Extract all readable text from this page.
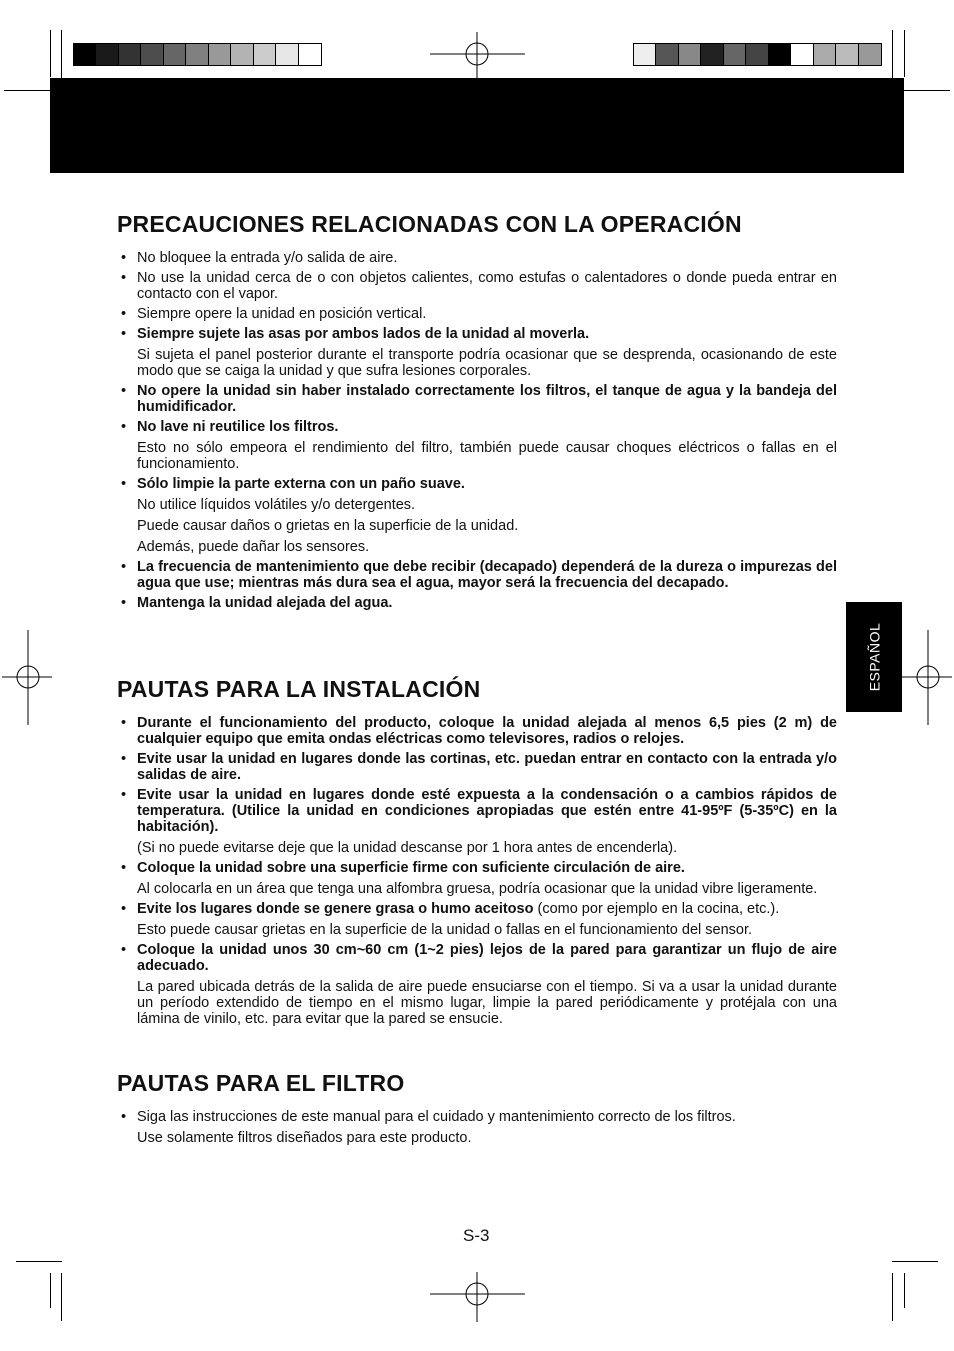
ESPAÑOL
PRECAUCIONES RELACIONADAS CON LA OPERACIÓN
• No bloquee la entrada y/o salida de aire.
• No use la unidad cerca de o con objetos calientes, como estufas o calentadores o donde pueda entrar en contacto con el vapor.
• Siempre opere la unidad en posición vertical.
• Siempre sujete las asas por ambos lados de la unidad al moverla.
Si sujeta el panel posterior durante el transporte podría ocasionar que se desprenda, ocasionando de este modo que se caiga la unidad y que sufra lesiones corporales.
• No opere la unidad sin haber instalado correctamente los filtros, el tanque de agua y la bandeja del humidificador.
• No lave ni reutilice los filtros.
Esto no sólo empeora el rendimiento del filtro, también puede causar choques eléctricos o fallas en el funcionamiento.
• Sólo limpie la parte externa con un paño suave.
No utilice líquidos volátiles y/o detergentes.
Puede causar daños o grietas en la superficie de la unidad.
Además, puede dañar los sensores.
• La frecuencia de mantenimiento que debe recibir (decapado) dependerá de la dureza o impurezas del agua que use; mientras más dura sea el agua, mayor será la frecuencia del decapado.
• Mantenga la unidad alejada del agua.
PAUTAS PARA LA INSTALACIÓN
• Durante el funcionamiento del producto, coloque la unidad alejada al menos 6,5 pies (2 m) de cualquier equipo que emita ondas eléctricas como televisores, radios o relojes.
• Evite usar la unidad en lugares donde las cortinas, etc. puedan entrar en contacto con la entrada y/o salidas de aire.
• Evite usar la unidad en lugares donde esté expuesta a la condensación o a cambios rápidos de temperatura. (Utilice la unidad en condiciones apropiadas que estén entre 41-95ºF (5-35ºC) en la habitación).
(Si no puede evitarse deje que la unidad descanse por 1 hora antes de encenderla).
• Coloque la unidad sobre una superficie firme con suficiente circulación de aire.
Al colocarla en un área que tenga una alfombra gruesa, podría ocasionar que la unidad vibre ligeramente.
• Evite los lugares donde se genere grasa o humo aceitoso (como por ejemplo en la cocina, etc.).
Esto puede causar grietas en la superficie de la unidad o fallas en el funcionamiento del sensor.
• Coloque la unidad unos 30 cm~60 cm (1~2 pies) lejos de la pared para garantizar un flujo de aire adecuado.
La pared ubicada detrás de la salida de aire puede ensuciarse con el tiempo. Si va a usar la unidad durante un período extendido de tiempo en el mismo lugar, limpie la pared periódicamente y protéjala con una lámina de vinilo, etc. para evitar que la pared se ensucie.
PAUTAS PARA EL FILTRO
• Siga las instrucciones de este manual para el cuidado y mantenimiento correcto de los filtros.
Use solamente filtros diseñados para este producto.
S-3
